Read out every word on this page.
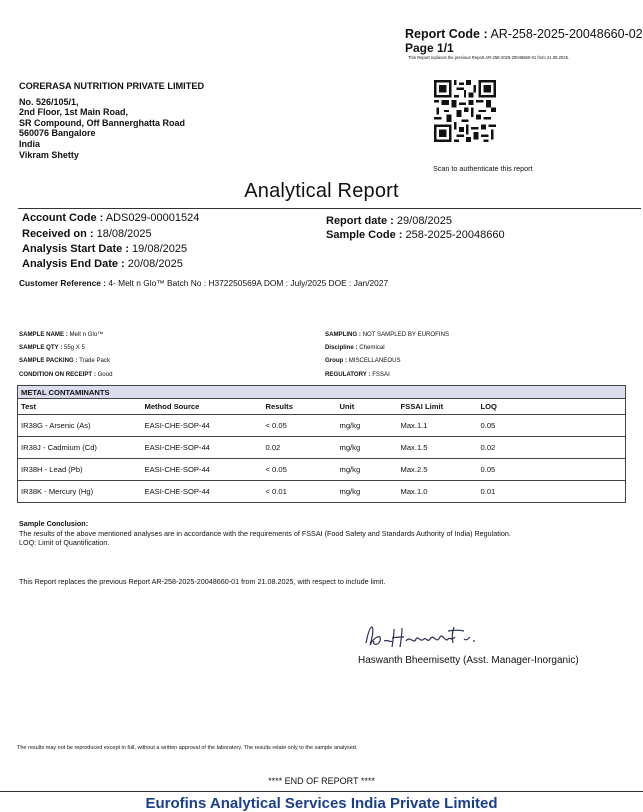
Report Code : AR-258-2025-20048660-02
Page 1/1
This Report replaces the previous Report AR-258-2025-20048660-01 from 21.08.2025.
CORERASA NUTRITION PRIVATE LIMITED
No. 526/105/1,
2nd Floor, 1st Main Road,
SR Compound, Off Bannerghatta Road
560076 Bangalore
India
Vikram Shetty
Scan to authenticate this report
Analytical Report
Account Code : ADS029-00001524
Received on : 18/08/2025
Analysis Start Date : 19/08/2025
Analysis End Date : 20/08/2025
Report date : 29/08/2025
Sample Code : 258-2025-20048660
Customer Reference : 4- Melt n Glo™ Batch No : H372250569A DOM : July/2025 DOE : Jan/2027
SAMPLE NAME : Melt n Glo™
SAMPLE QTY : 55g X 5
SAMPLE PACKING : Trade Pack
CONDITION ON RECEIPT : Good
SAMPLING : NOT SAMPLED BY EUROFINS
Discipline : Chemical
Group : MISCELLANEOUS
REGULATORY : FSSAI
METAL CONTAMINANTS					
Test	Method Source	Results	Unit	FSSAI Limit	LOQ
IR38G - Arsenic (As)	EASI-CHE-SOP-44	< 0.05	mg/kg	Max.1.1	0.05
IR38J - Cadmium (Cd)	EASI-CHE-SOP-44	0.02	mg/kg	Max.1.5	0.02
IR38H - Lead (Pb)	EASI-CHE-SOP-44	< 0.05	mg/kg	Max.2.5	0.05
IR38K - Mercury (Hg)	EASI-CHE-SOP-44	< 0.01	mg/kg	Max.1.0	0.01
Sample Conclusion:
The results of the above mentioned analyses are in accordance with the requirements of FSSAI (Food Safety and Standards Authority of India) Regulation.
LOQ: Limit of Quantification.
This Report replaces the previous Report AR-258-2025-20048660-01 from 21.08.2025, with respect to include limit.
Haswanth Bheemisetty (Asst. Manager-Inorganic)
The results may not be reproduced except in full, without a written approval of the laboratory. The results relate only to the sample analysed.
**** END OF REPORT ****
Eurofins Analytical Services India Private Limited
